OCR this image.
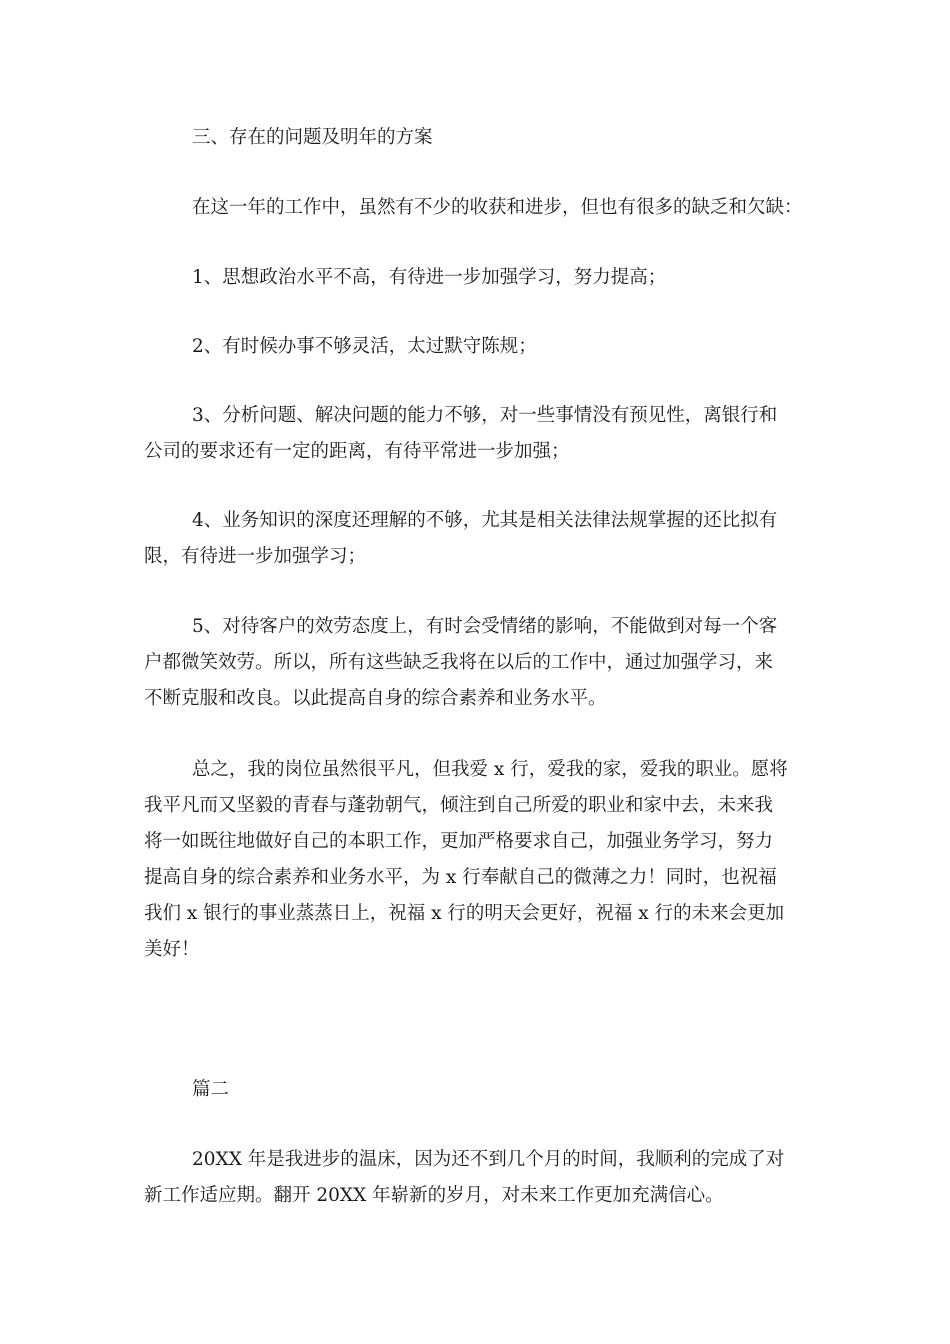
三、存在的问题及明年的方案
在这一年的工作中，虽然有不少的收获和进步，但也有很多的缺乏和欠缺：
1、思想政治水平不高，有待进一步加强学习，努力提高；
2、有时候办事不够灵活，太过默守陈规；
3、分析问题、解决问题的能力不够，对一些事情没有预见性，离银行和
公司的要求还有一定的距离，有待平常进一步加强；
4、业务知识的深度还理解的不够，尤其是相关法律法规掌握的还比拟有
限，有待进一步加强学习；
5、对待客户的效劳态度上，有时会受情绪的影响，不能做到对每一个客
户都微笑效劳。所以，所有这些缺乏我将在以后的工作中，通过加强学习，来
不断克服和改良。以此提高自身的综合素养和业务水平。
总之，我的岗位虽然很平凡，但我爱 x 行，爱我的家，爱我的职业。愿将
我平凡而又坚毅的青春与蓬勃朝气，倾注到自己所爱的职业和家中去，未来我
将一如既往地做好自己的本职工作，更加严格要求自己，加强业务学习，努力
提高自身的综合素养和业务水平，为 x 行奉献自己的微薄之力！同时，也祝福
我们 x 银行的事业蒸蒸日上，祝福 x 行的明天会更好，祝福 x 行的未来会更加
美好！
篇二
20XX 年是我进步的温床，因为还不到几个月的时间，我顺利的完成了对
新工作适应期。翻开 20XX 年崭新的岁月，对未来工作更加充满信心。
